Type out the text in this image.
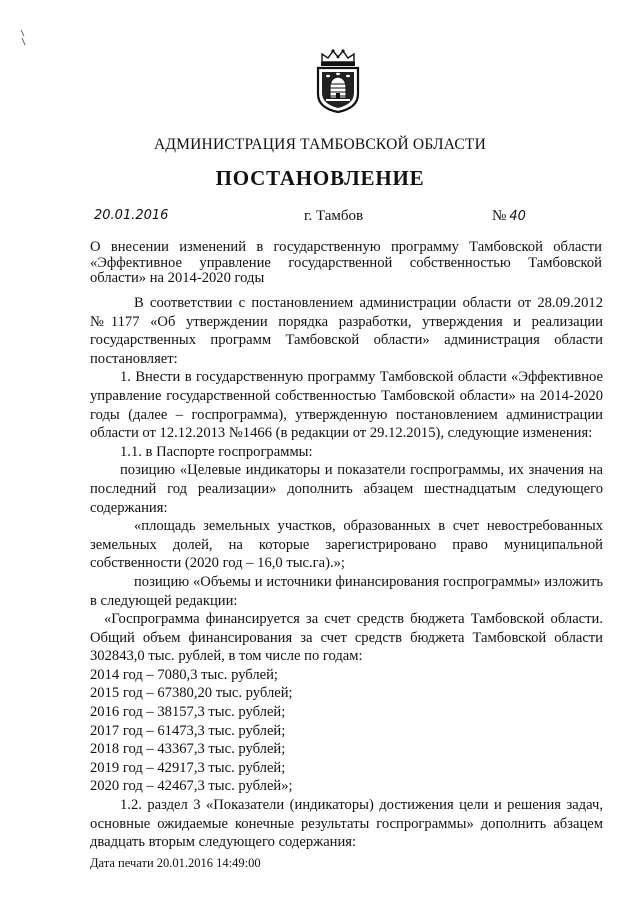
АДМИНИСТРАЦИЯ ТАМБОВСКОЙ ОБЛАСТИ
ПОСТАНОВЛЕНИЕ
20.01.2016	г. Тамбов	№ 40
О внесении изменений в государственную программу Тамбовской области «Эффективное управление государственной собственностью Тамбовской области» на 2014-2020 годы

В соответствии с постановлением администрации области от 28.09.2012 №1177 «Об утверждении порядка разработки, утверждения и реализации государственных программ Тамбовской области» администрация области постановляет:

1. Внести в государственную программу Тамбовской области «Эффективное управление государственной собственностью Тамбовской области» на 2014-2020 годы (далее – госпрограмма), утвержденную постановлением администрации области от 12.12.2013 №1466 (в редакции от 29.12.2015), следующие изменения:

1.1. в Паспорте госпрограммы:

позицию «Целевые индикаторы и показатели госпрограммы, их значения на последний год реализации» дополнить абзацем шестнадцатым следующего содержания:

«площадь земельных участков, образованных в счет невостребованных земельных долей, на которые зарегистрировано право муниципальной собственности (2020 год – 16,0 тыс.га).»;

позицию «Объемы и источники финансирования госпрограммы» изложить в следующей редакции:

«Госпрограмма финансируется за счет средств бюджета Тамбовской области. Общий объем финансирования за счет средств бюджета Тамбовской области 302843,0 тыс. рублей, в том числе по годам:

2014 год – 7080,3 тыс. рублей;

2015 год – 67380,20 тыс. рублей;

2016 год – 38157,3 тыс. рублей;

2017 год – 61473,3 тыс. рублей;

2018 год – 43367,3 тыс. рублей;

2019 год – 42917,3 тыс. рублей;

2020 год – 42467,3 тыс. рублей»;

1.2. раздел 3 «Показатели (индикаторы) достижения цели и решения задач, основные ожидаемые конечные результаты госпрограммы» дополнить абзацем двадцать вторым следующего содержания:

Дата печати 20.01.2016 14:49:00
